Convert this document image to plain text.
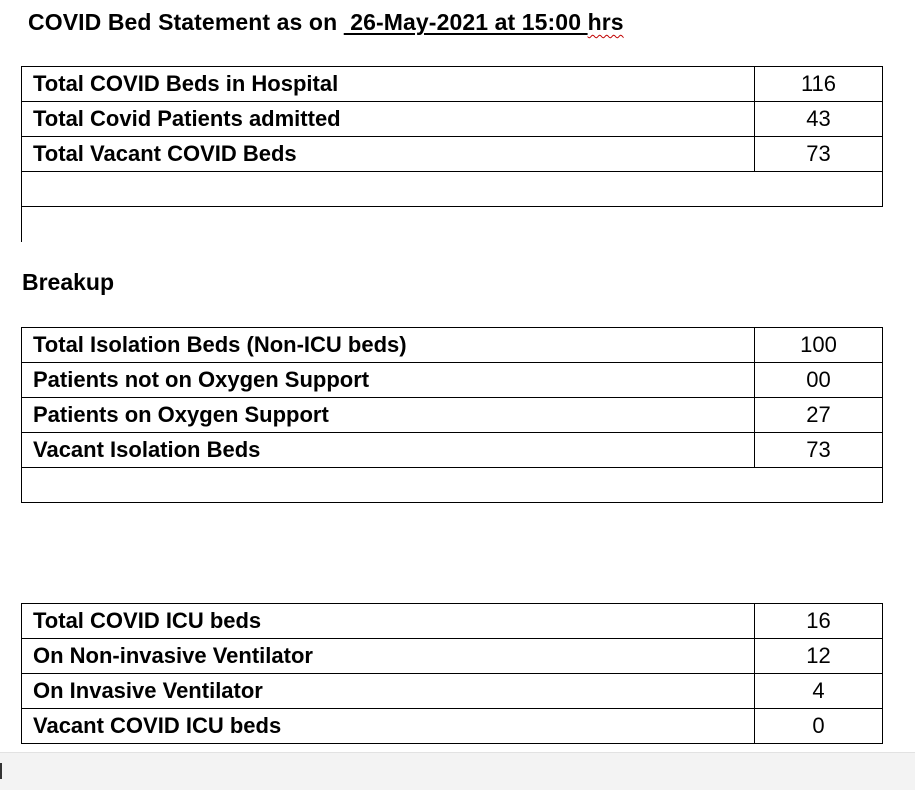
COVID Bed Statement as on  26-May-2021 at 15:00 hrs
Total COVID Beds in Hospital	116
Total Covid Patients admitted	43
Total Vacant COVID Beds	73

Breakup
Total Isolation Beds (Non-ICU beds)	100
Patients not on Oxygen Support	00
Patients on Oxygen Support	27
Vacant Isolation Beds	73

Total COVID ICU beds	16
On Non-invasive Ventilator	12
On Invasive Ventilator	4
Vacant COVID ICU beds	0
